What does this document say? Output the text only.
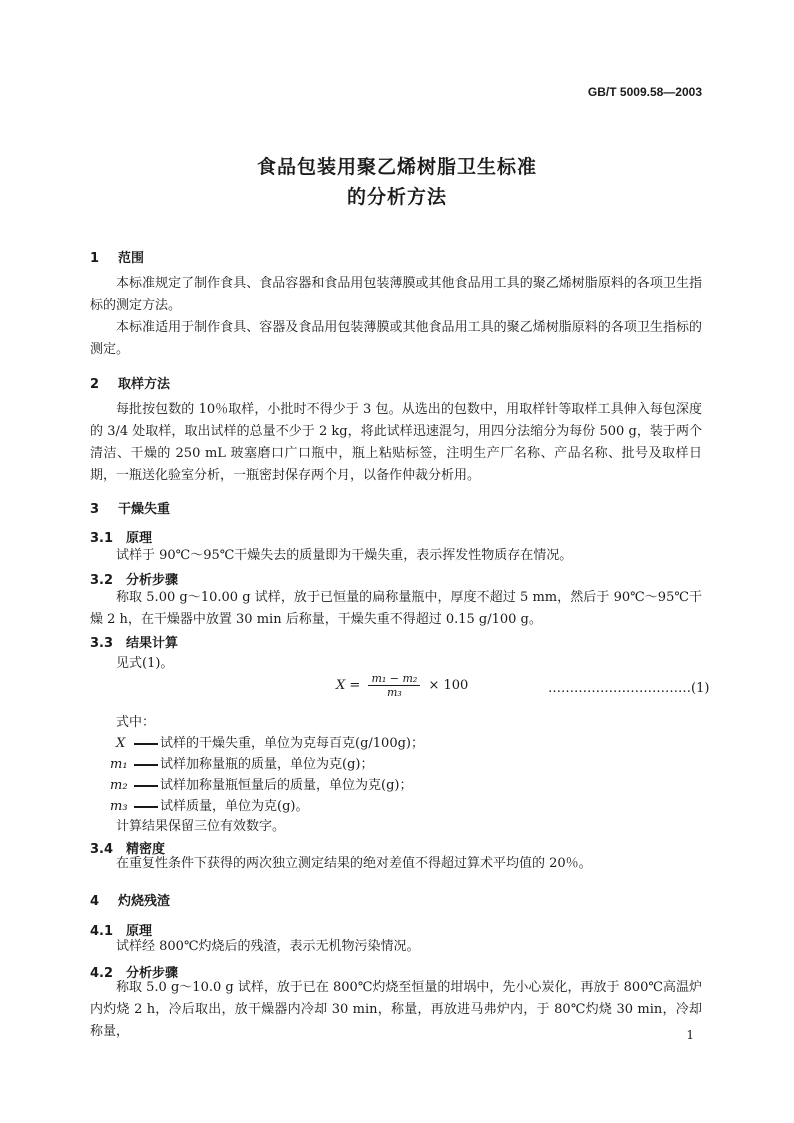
GB/T 5009.58—2003
食品包装用聚乙烯树脂卫生标准
的分析方法
1 范围
本标准规定了制作食具、食品容器和食品用包装薄膜或其他食品用工具的聚乙烯树脂原料的各项卫生指标的测定方法。
本标准适用于制作食具、容器及食品用包装薄膜或其他食品用工具的聚乙烯树脂原料的各项卫生指标的测定。
2 取样方法
每批按包数的 10％取样，小批时不得少于 3 包。从选出的包数中，用取样针等取样工具伸入每包深度的 3/4 处取样，取出试样的总量不少于 2 kg，将此试样迅速混匀，用四分法缩分为每份 500 g，装于两个清洁、干燥的 250 mL 玻塞磨口广口瓶中，瓶上粘贴标签，注明生产厂名称、产品名称、批号及取样日期，一瓶送化验室分析，一瓶密封保存两个月，以备作仲裁分析用。
3 干燥失重
3.1 原理
试样于 90℃～95℃干燥失去的质量即为干燥失重，表示挥发性物质存在情况。
3.2 分析步骤
称取 5.00 g～10.00 g 试样，放于已恒量的扁称量瓶中，厚度不超过 5 mm，然后于 90℃～95℃干燥 2 h，在干燥器中放置 30 min 后称量，干燥失重不得超过 0.15 g/100 g。
3.3 结果计算
见式(1)。
$X = \frac{\text{m₁ − m₂}}{\text{m₃}} \times 100$	……………………………(1)
式中：
X	试样的干燥失重，单位为克每百克(g/100g)；
m₁ 试样加称量瓶的质量，单位为克(g)；
m₂ 试样加称量瓶恒量后的质量，单位为克(g)；
m₃ 试样质量，单位为克(g)。
计算结果保留三位有效数字。
3.4 精密度
在重复性条件下获得的两次独立测定结果的绝对差值不得超过算术平均值的 20％。
4 灼烧残渣
4.1 原理
试样经 800℃灼烧后的残渣，表示无机物污染情况。
4.2 分析步骤
称取 5.0 g～10.0 g 试样，放于已在 800℃灼烧至恒量的坩埚中，先小心炭化，再放于 800℃高温炉内灼烧 2 h，冷后取出，放干燥器内冷却 30 min，称量，再放进马弗炉内，于 80℃灼烧 30 min，冷却称量，	1
